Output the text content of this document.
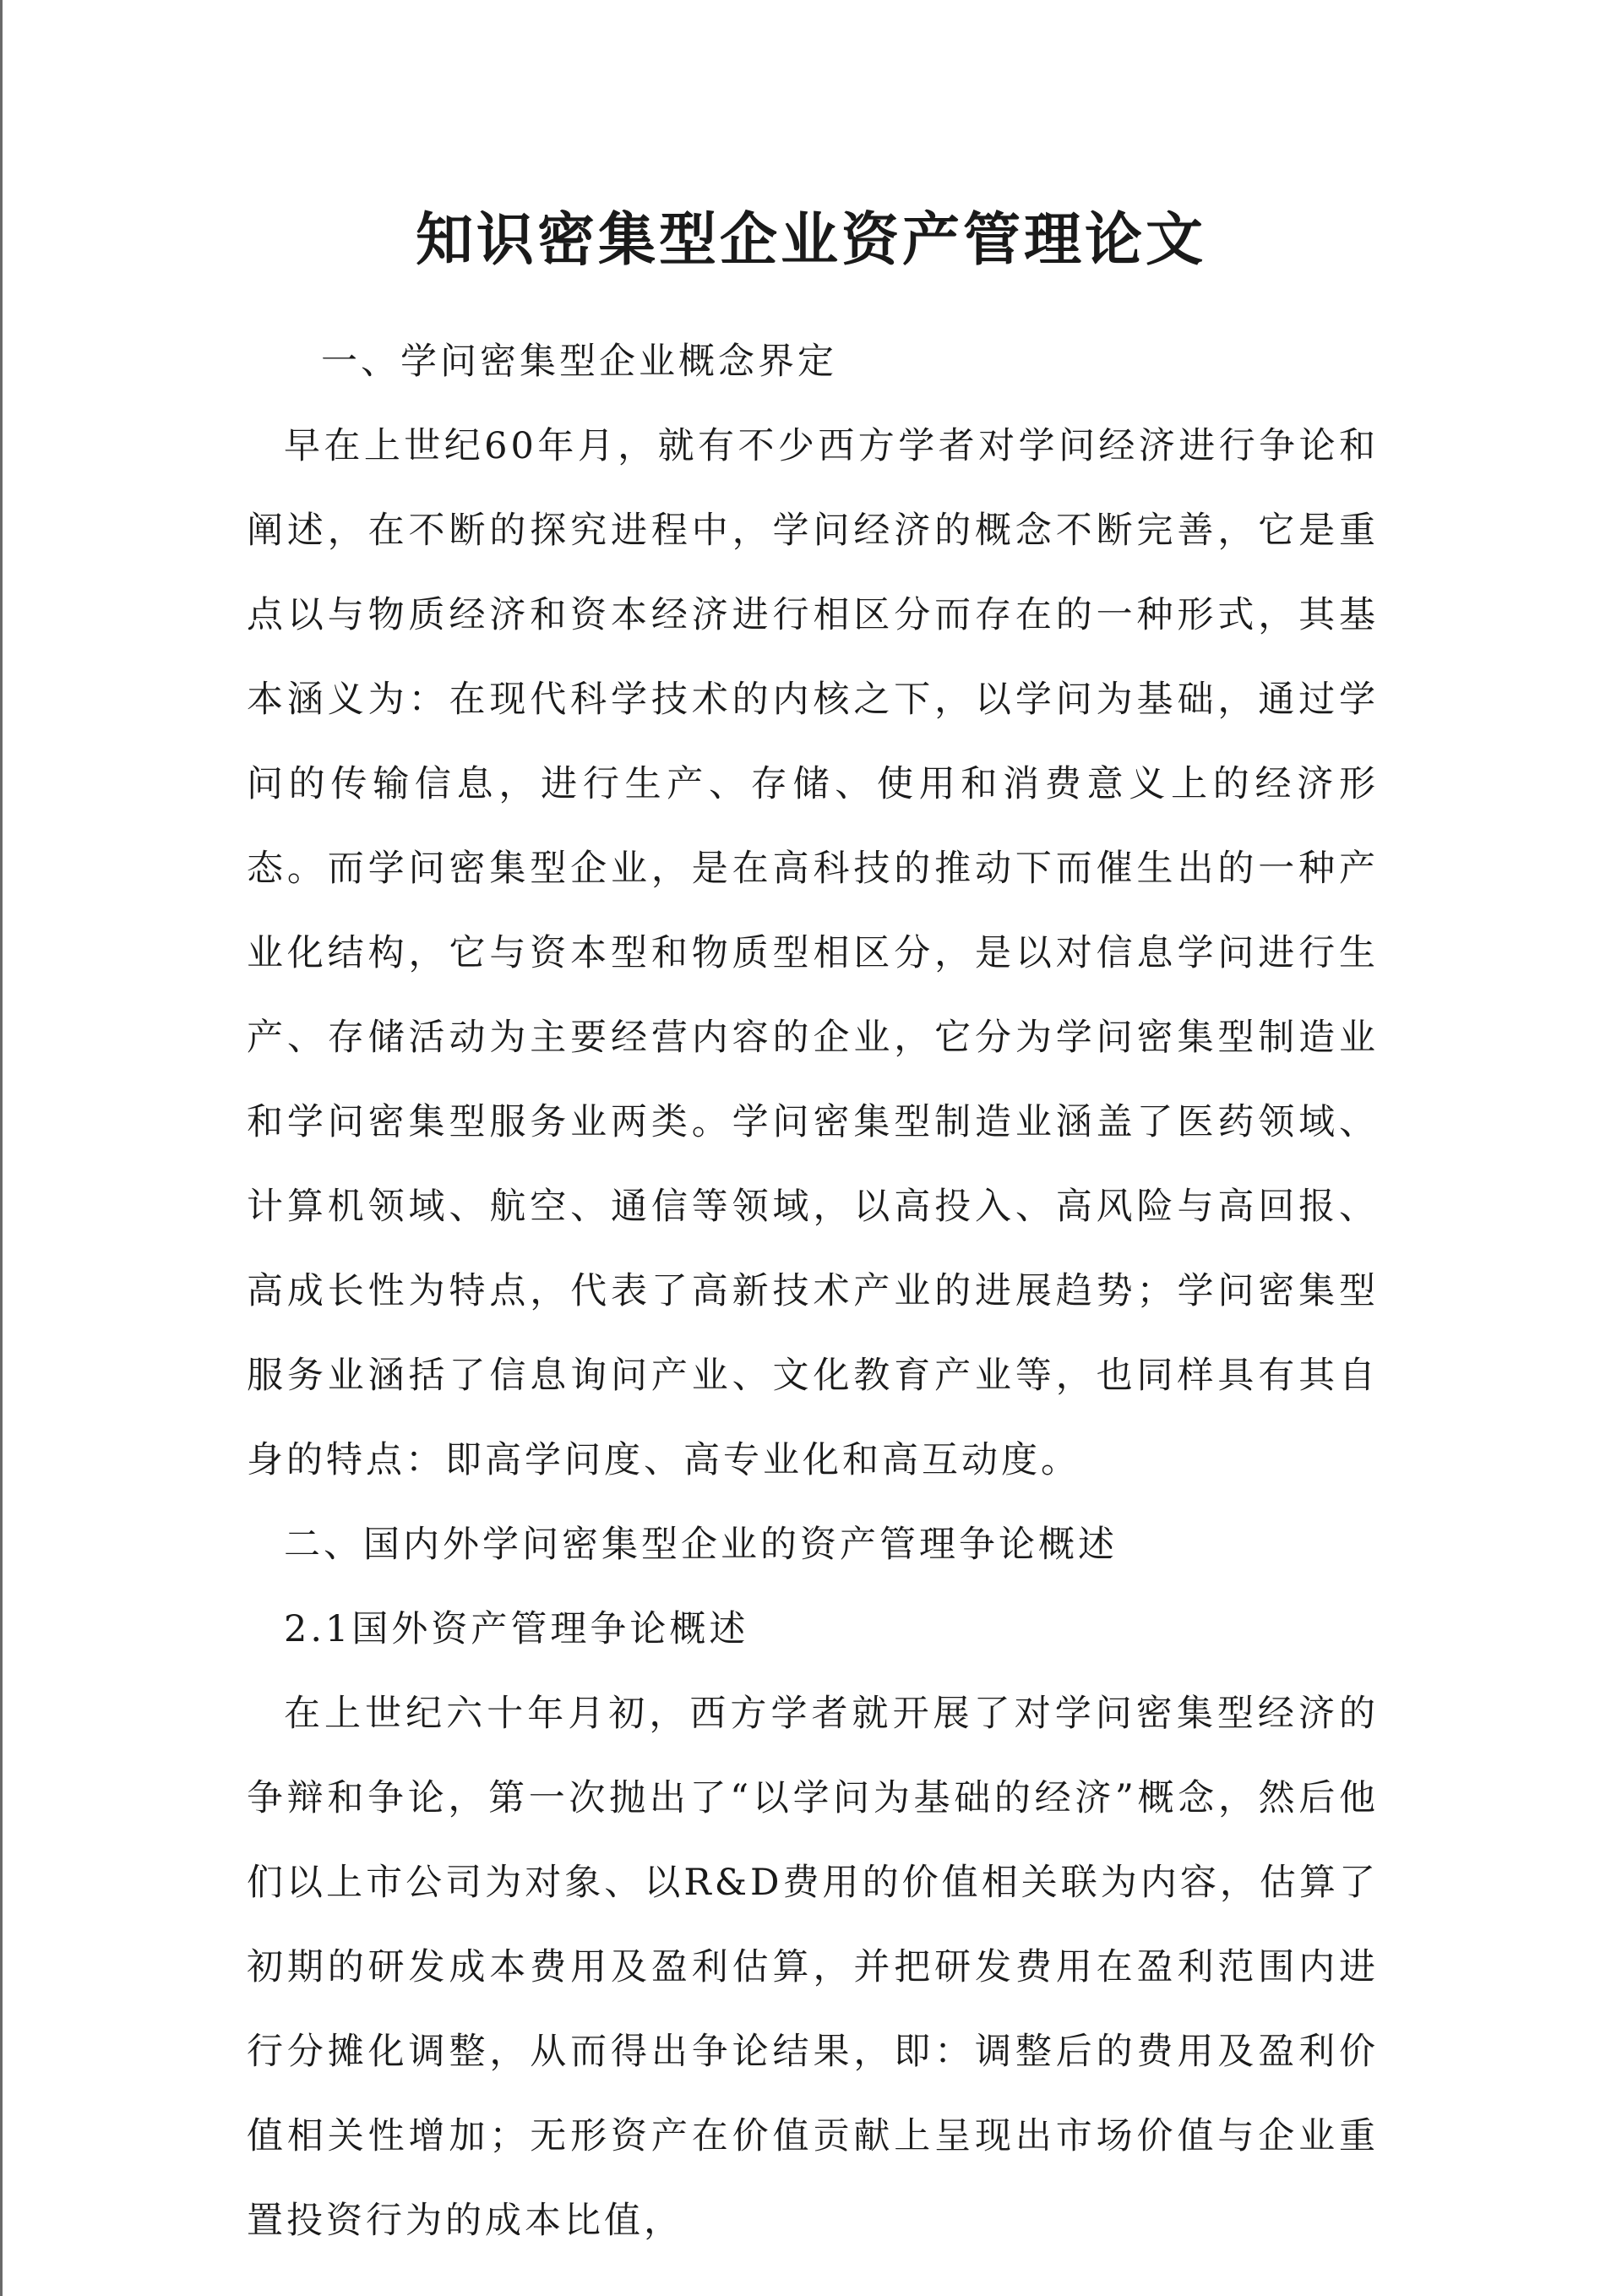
知识密集型企业资产管理论文

一、学问密集型企业概念界定

早在上世纪60年月，就有不少西方学者对学问经济进行争论和阐述，在不断的探究进程中，学问经济的概念不断完善，它是重点以与物质经济和资本经济进行相区分而存在的一种形式，其基本涵义为：在现代科学技术的内核之下，以学问为基础，通过学问的传输信息，进行生产、存储、使用和消费意义上的经济形态。而学问密集型企业，是在高科技的推动下而催生出的一种产业化结构，它与资本型和物质型相区分，是以对信息学问进行生产、存储活动为主要经营内容的企业，它分为学问密集型制造业和学问密集型服务业两类。学问密集型制造业涵盖了医药领域、计算机领域、航空、通信等领域，以高投入、高风险与高回报、高成长性为特点，代表了高新技术产业的进展趋势；学问密集型服务业涵括了信息询问产业、文化教育产业等，也同样具有其自身的特点：即高学问度、高专业化和高互动度。

二、国内外学问密集型企业的资产管理争论概述

2.1国外资产管理争论概述

在上世纪六十年月初，西方学者就开展了对学问密集型经济的争辩和争论，第一次抛出了“以学问为基础的经济”概念，然后他们以上市公司为对象、以R&D费用的价值相关联为内容，估算了初期的研发成本费用及盈利估算，并把研发费用在盈利范围内进行分摊化调整，从而得出争论结果，即：调整后的费用及盈利价值相关性增加；无形资产在价值贡献上呈现出市场价值与企业重置投资行为的成本比值，
